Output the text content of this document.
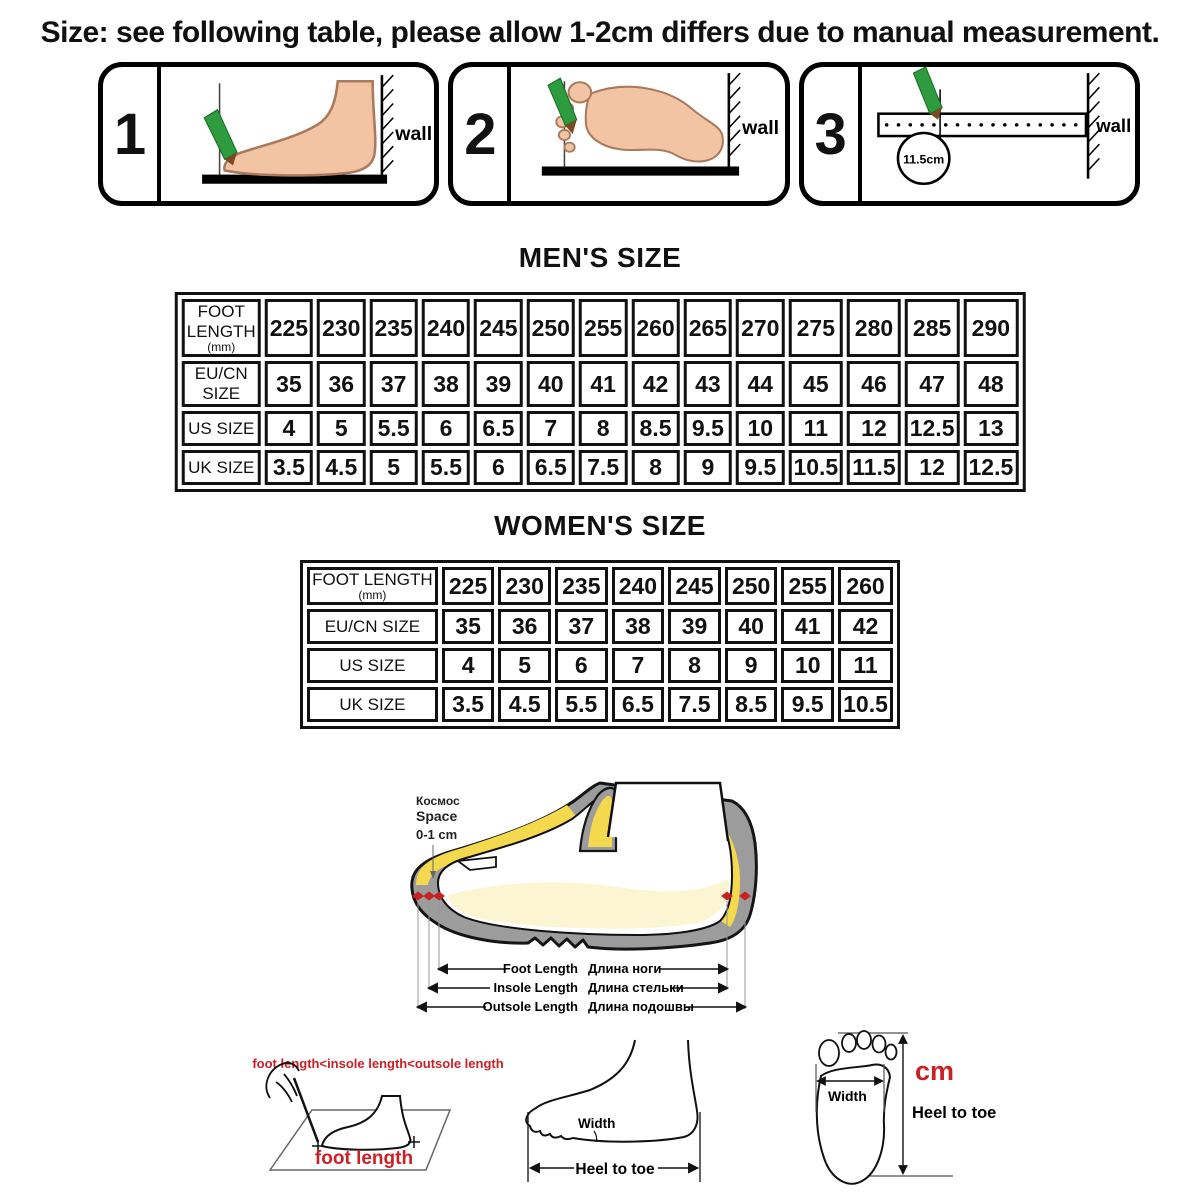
Size: see following table, please allow 1-2cm differs due to manual measurement.
1	wall 2	wall 3	11.5cm
wall
MEN'S SIZE
FOOT LENGTH
(mm)	225	230	235	240	245	250	255	260	265	270	275	280	285	290

EU/CN SIZE	35	36	37	38	39	40	41	42	43	44	45	46	47	48

US SIZE	4	5	5.5	6	6.5	7	8	8.5	9.5	10	11	12	12.5	13

UK SIZE	3.5	4.5	5	5.5	6	6.5	7.5	8	9	9.5	10.5	11.5	12	12.5
WOMEN'S SIZE
FOOT LENGTH
(mm)	225	230	235	240	245	250	255	260

EU/CN SIZE	35	36	37	38	39	40	41	42

US SIZE	4	5	6	7	8	9	10	11

UK SIZE	3.5	4.5	5.5	6.5	7.5	8.5	9.5	10.5
Космос
Space
0-1 cm
Foot Length Длина ноги
Insole Length Длина стельки
Outsole Length Длина подошвы
foot length<insole length<outsole length
foot length
Width
Heel to toe
Width
cm
Heel to toe
